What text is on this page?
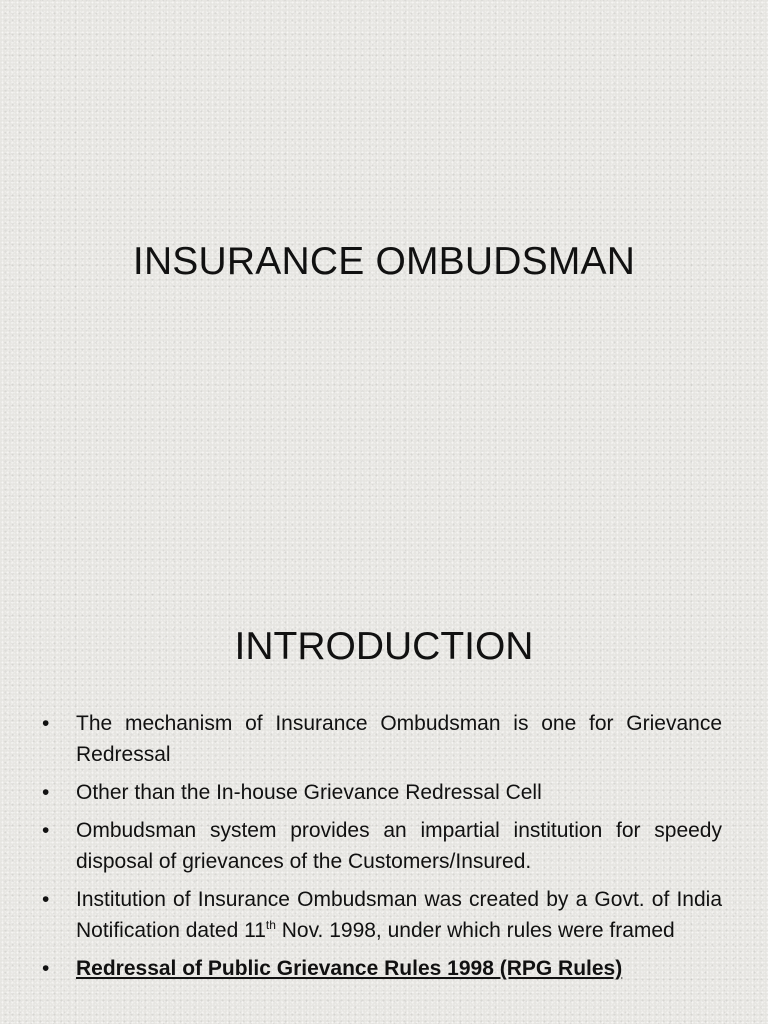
INSURANCE OMBUDSMAN
INTRODUCTION
•	The mechanism of Insurance Ombudsman is one for Grievance Redressal
•	Other than the In-house Grievance Redressal Cell
•	Ombudsman system provides an impartial institution for speedy disposal of grievances of the Customers/Insured.
•	Institution of Insurance Ombudsman was created by a Govt. of India Notification dated 11th Nov. 1998, under which rules were framed
•	Redressal of Public Grievance Rules 1998 (RPG Rules)
